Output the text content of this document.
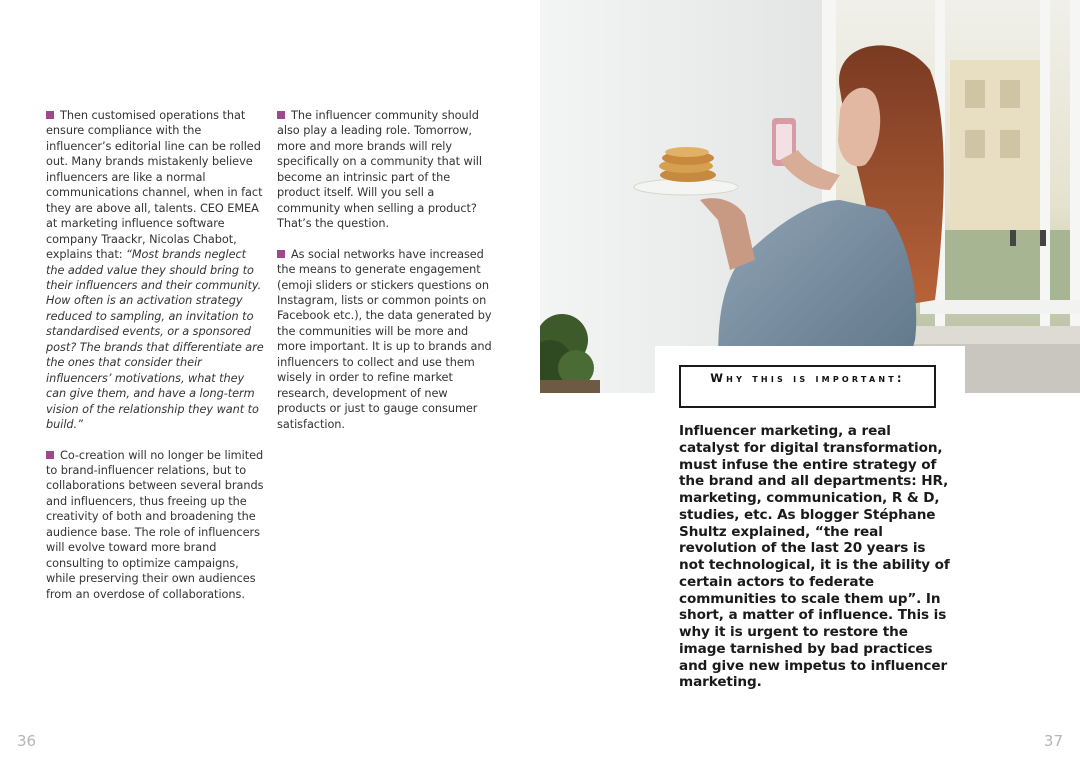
Then customised operations that ensure compliance with the influencer’s editorial line can be rolled out. Many brands mistakenly believe influencers are like a normal communications channel, when in fact they are above all, talents. CEO EMEA at marketing influence software company Traackr, Nicolas Chabot, explains that: “Most brands neglect the added value they should bring to their influencers and their community. How often is an activation strategy reduced to sampling, an invitation to standardised events, or a sponsored post? The brands that differentiate are the ones that consider their influencers’ motivations, what they can give them, and have a long-term vision of the relationship they want to build.”

Co-creation will no longer be limited to brand-influencer relations, but to collaborations between several brands and influencers, thus freeing up the creativity of both and broadening the audience base. The role of influencers will evolve toward more brand consulting to optimize campaigns, while preserving their own audiences from an overdose of collaborations.

The influencer community should also play a leading role. Tomorrow, more and more brands will rely specifically on a community that will become an intrinsic part of the product itself. Will you sell a community when selling a product? That’s the question.

As social networks have increased the means to generate engagement (emoji sliders or stickers questions on Instagram, lists or common points on Facebook etc.), the data generated by the communities will be more and more important. It is up to brands and influencers to collect and use them wisely in order to refine market research, development of new products or just to gauge consumer satisfaction.

36
Why this is important:
Influencer marketing, a real catalyst for digital transformation, must infuse the entire strategy of the brand and all departments: HR, marketing, communication, R & D, studies, etc. As blogger Stéphane Shultz explained, “the real revolution of the last 20 years is not technological, it is the ability of certain actors to federate communities to scale them up”. In short, a matter of influence. This is why it is urgent to restore the image tarnished by bad practices and give new impetus to influencer marketing.
37
